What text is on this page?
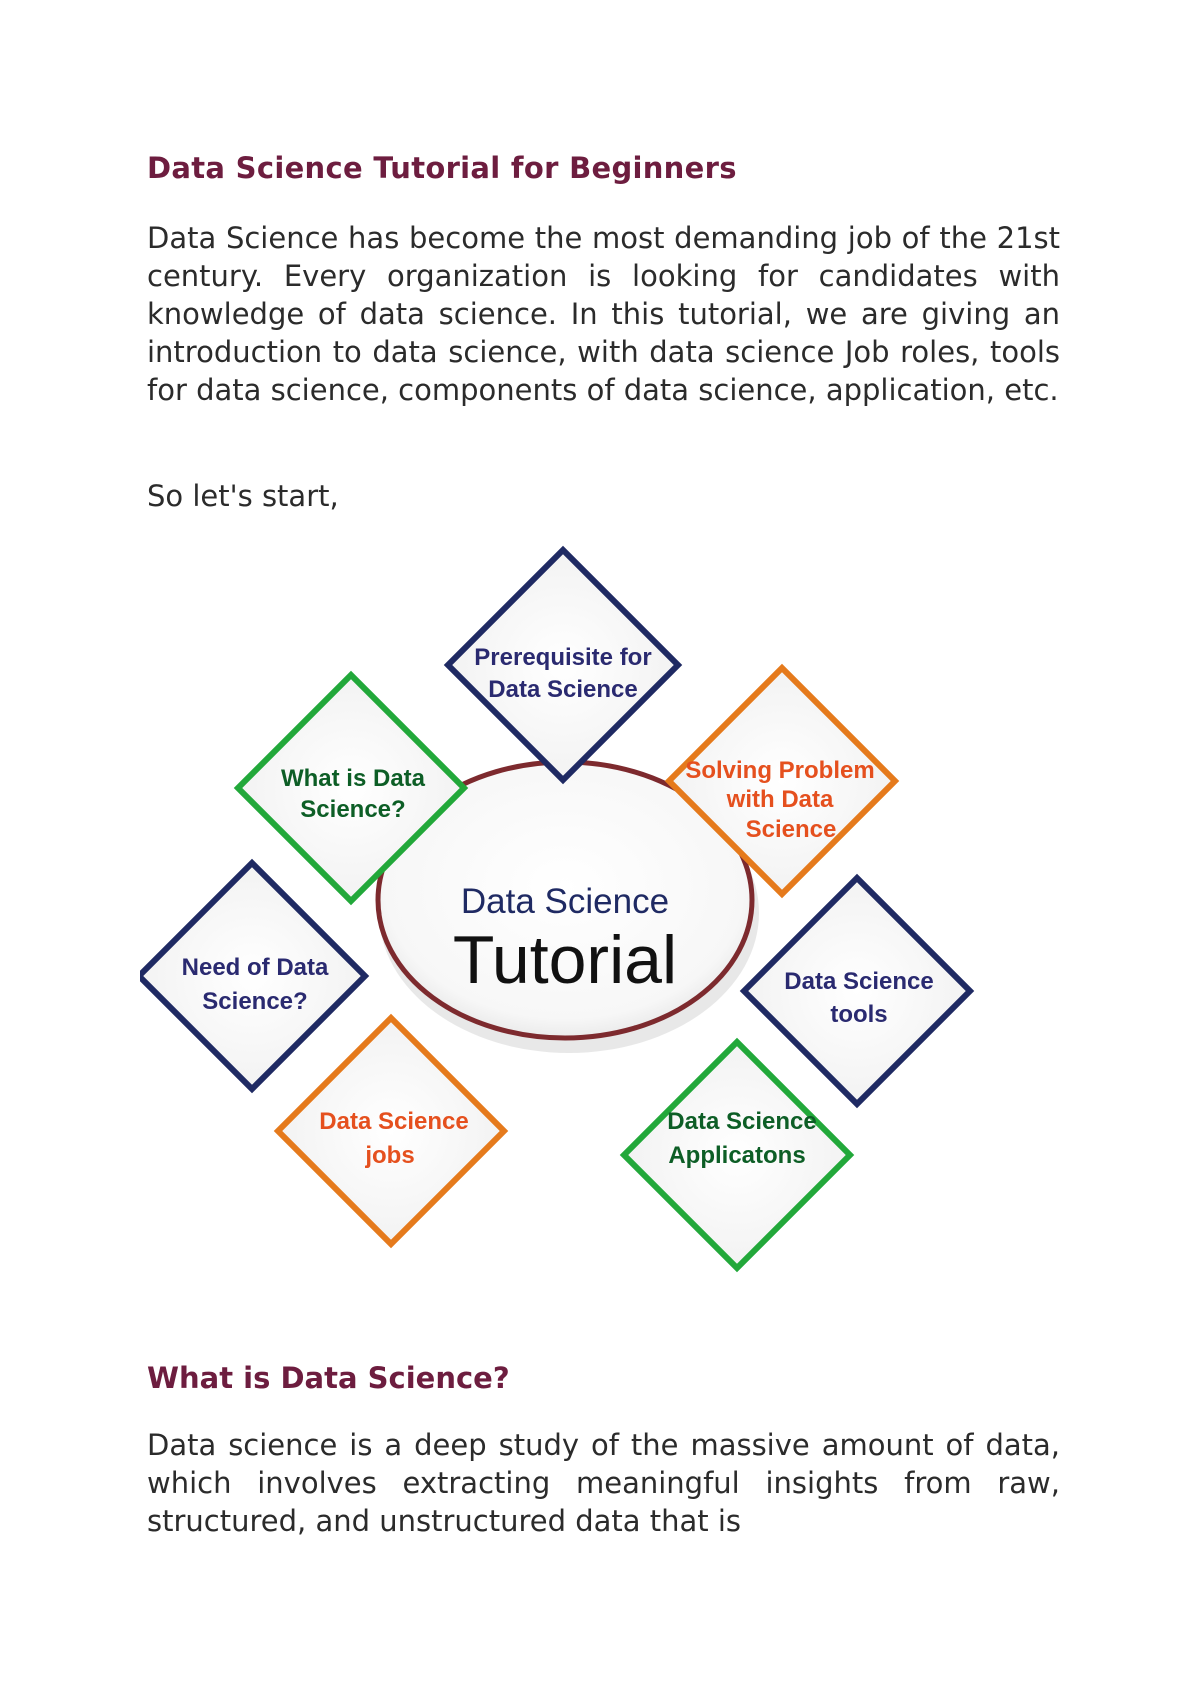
Data Science Tutorial for Beginners

Data Science has become the most demanding job of the 21st century. Every organization is looking for candidates with knowledge of data science. In this tutorial, we are giving an introduction to data science, with data science Job roles, tools for data science, components of data science, application, etc.

So let's start,

Data Science
Tutorial
Prerequisite for
Data Science
What is Data
Science?
Solving Problem
with Data
Science
Need of Data
Science?
Data Science
tools
Data Science
jobs
Data Science
Applicatons
What is Data Science?

Data science is a deep study of the massive amount of data, which involves extracting meaningful insights from raw, structured, and unstructured data that is
